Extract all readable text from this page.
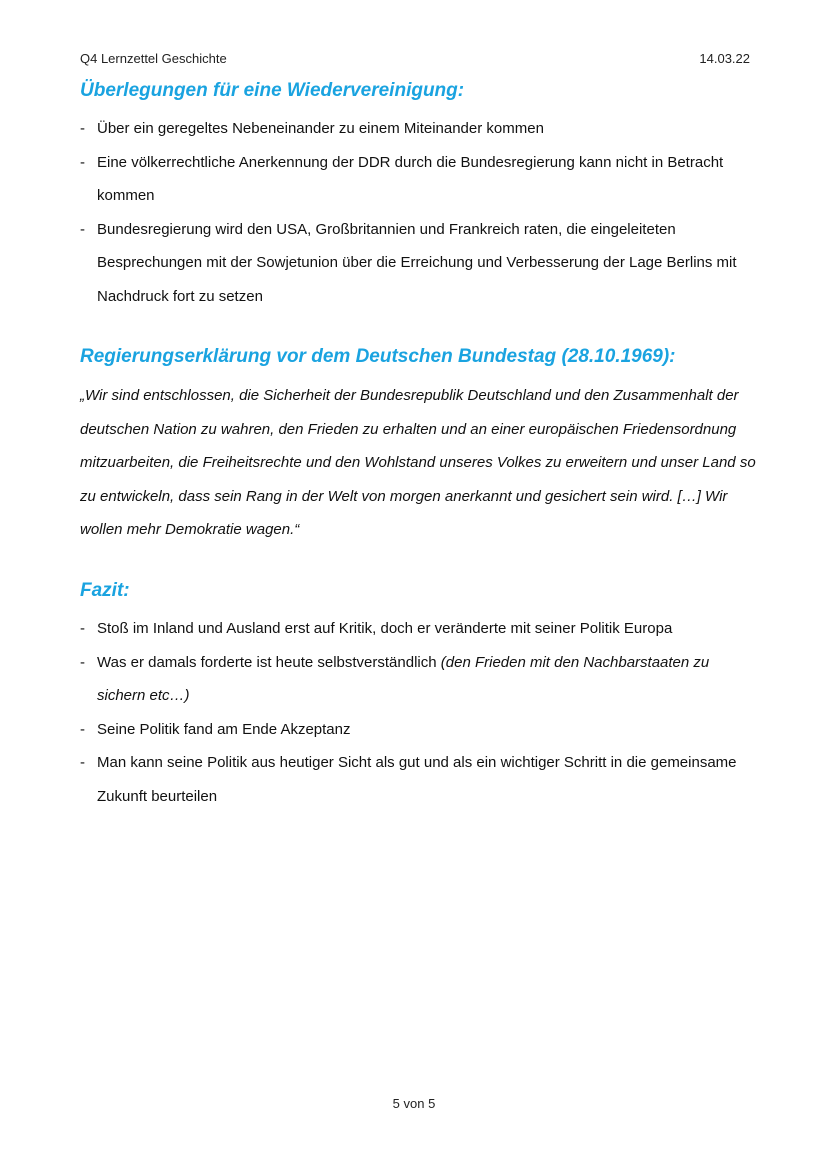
Q4 Lernzettel Geschichte	14.03.22
Überlegungen für eine Wiedervereinigung:
- Über ein geregeltes Nebeneinander zu einem Miteinander kommen
- Eine völkerrechtliche Anerkennung der DDR durch die Bundesregierung kann nicht in Betracht kommen
- Bundesregierung wird den USA, Großbritannien und Frankreich raten, die eingeleiteten Besprechungen mit der Sowjetunion über die Erreichung und Verbesserung der Lage Berlins mit Nachdruck fort zu setzen
Regierungserklärung vor dem Deutschen Bundestag (28.10.1969):

„Wir sind entschlossen, die Sicherheit der Bundesrepublik Deutschland und den Zusammenhalt der deutschen Nation zu wahren, den Frieden zu erhalten und an einer europäischen Friedensordnung mitzuarbeiten, die Freiheitsrechte und den Wohlstand unseres Volkes zu erweitern und unser Land so zu entwickeln, dass sein Rang in der Welt von morgen anerkannt und gesichert sein wird. […] Wir wollen mehr Demokratie wagen.“

Fazit:
- Stoß im Inland und Ausland erst auf Kritik, doch er veränderte mit seiner Politik Europa
- Was er damals forderte ist heute selbstverständlich (den Frieden mit den Nachbarstaaten zu sichern etc…)
- Seine Politik fand am Ende Akzeptanz
- Man kann seine Politik aus heutiger Sicht als gut und als ein wichtiger Schritt in die gemeinsame Zukunft beurteilen
5 von 5
